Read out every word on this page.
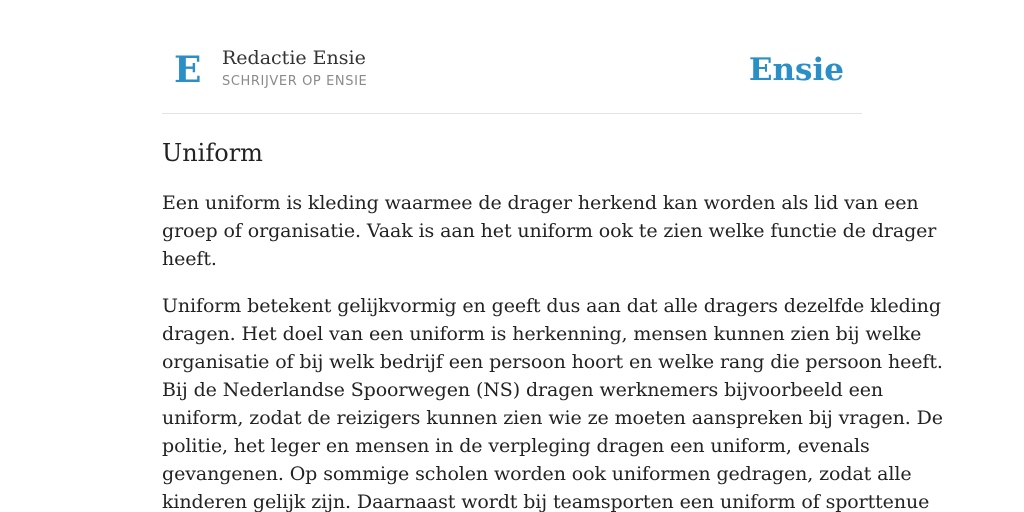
E Redactie Ensie
SCHRIJVER OP ENSIE	Ensie
Uniform

Een uniform is kleding waarmee de drager herkend kan worden als lid van een
groep of organisatie. Vaak is aan het uniform ook te zien welke functie de drager
heeft.

Uniform betekent gelijkvormig en geeft dus aan dat alle dragers dezelfde kleding
dragen. Het doel van een uniform is herkenning, mensen kunnen zien bij welke
organisatie of bij welk bedrijf een persoon hoort en welke rang die persoon heeft.
Bij de Nederlandse Spoorwegen (NS) dragen werknemers bijvoorbeeld een
uniform, zodat de reizigers kunnen zien wie ze moeten aanspreken bij vragen. De
politie, het leger en mensen in de verpleging dragen een uniform, evenals
gevangenen. Op sommige scholen worden ook uniformen gedragen, zodat alle
kinderen gelijk zijn. Daarnaast wordt bij teamsporten een uniform of sporttenue
